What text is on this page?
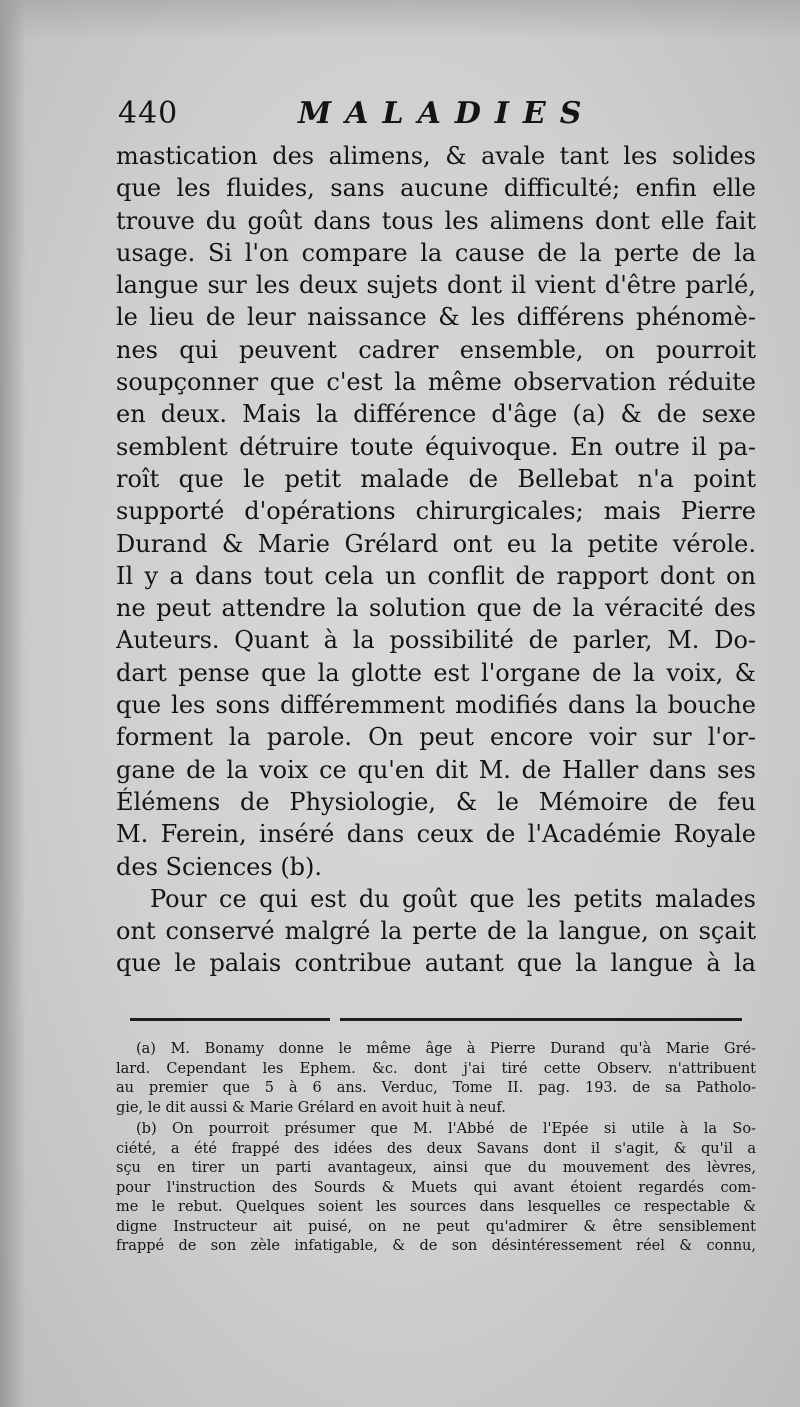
440	MALADIES
mastication des alimens, & avale tant les solides
que les fluides, sans aucune difficulté; enfin elle
trouve du goût dans tous les alimens dont elle fait
usage. Si l'on compare la cause de la perte de la
langue sur les deux sujets dont il vient d'être parlé,
le lieu de leur naissance & les différens phénomè-
nes qui peuvent cadrer ensemble, on pourroit
soupçonner que c'est la même observation réduite
en deux. Mais la différence d'âge (a) & de sexe
semblent détruire toute équivoque. En outre il pa-
roît que le petit malade de Bellebat n'a point
supporté d'opérations chirurgicales; mais Pierre
Durand & Marie Grélard ont eu la petite vérole.
Il y a dans tout cela un conflit de rapport dont on
ne peut attendre la solution que de la véracité des
Auteurs. Quant à la possibilité de parler, M. Do-
dart pense que la glotte est l'organe de la voix, &
que les sons différemment modifiés dans la bouche
forment la parole. On peut encore voir sur l'or-
gane de la voix ce qu'en dit M. de Haller dans ses
Élémens de Physiologie, & le Mémoire de feu
M. Ferein, inséré dans ceux de l'Académie Royale
des Sciences (b).
Pour ce qui est du goût que les petits malades
ont conservé malgré la perte de la langue, on sçait
que le palais contribue autant que la langue à la
(a) M. Bonamy donne le même âge à Pierre Durand qu'à Marie Gré-
lard. Cependant les Ephem. &c. dont j'ai tiré cette Observ. n'attribuent
au premier que 5 à 6 ans. Verduc, Tome II. pag. 193. de sa Patholo-
gie, le dit aussi & Marie Grélard en avoit huit à neuf.
(b) On pourroit présumer que M. l'Abbé de l'Epée si utile à la So-
ciété, a été frappé des idées des deux Savans dont il s'agit, & qu'il a
sçu en tirer un parti avantageux, ainsi que du mouvement des lèvres,
pour l'instruction des Sourds & Muets qui avant étoient regardés com-
me le rebut. Quelques soient les sources dans lesquelles ce respectable &
digne Instructeur ait puisé, on ne peut qu'admirer & être sensiblement
frappé de son zèle infatigable, & de son désintéressement réel & connu,
